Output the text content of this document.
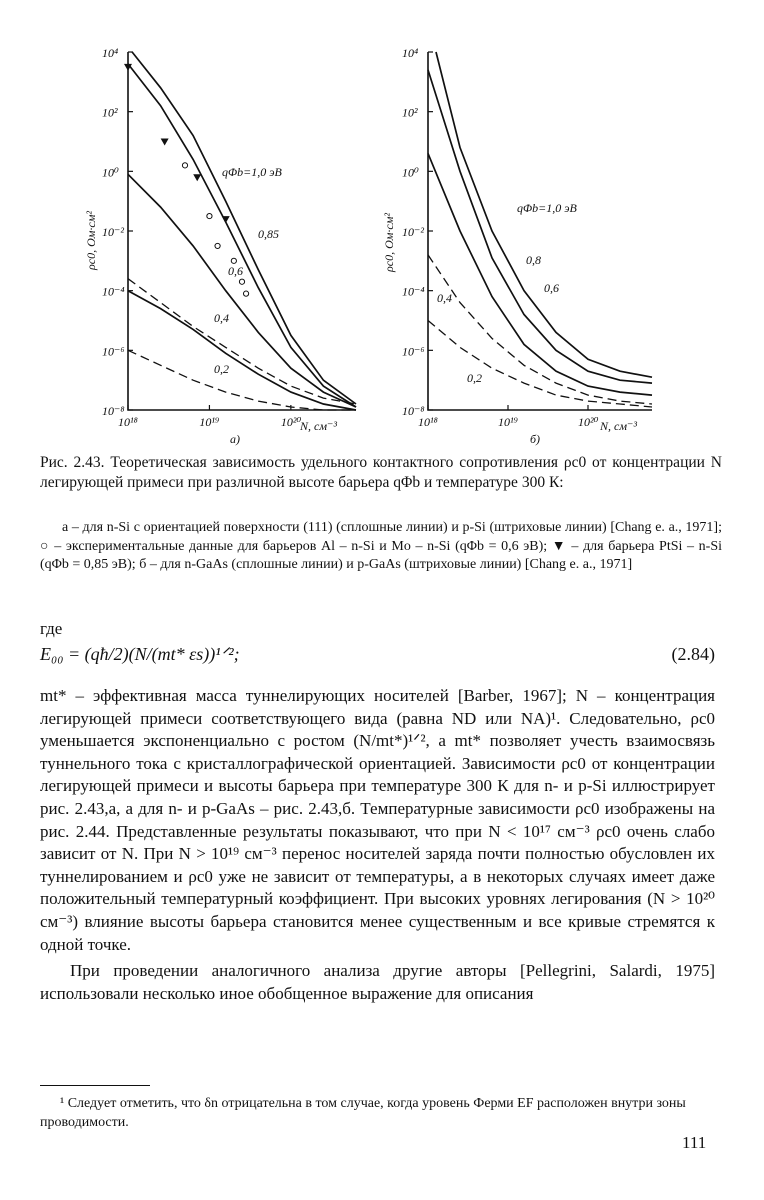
10⁴
10²
10⁰
10⁻²
10⁻⁴
10⁻⁶
10⁻⁸
10¹⁸	10¹⁹	10²⁰
N, см⁻³
а)
ρc0, Ом·см²
qΦb=1,0 эВ
0,85
0,6
0,4
0,2
10⁴
10²
10⁰
10⁻²
10⁻⁴
10⁻⁶
10⁻⁸
10¹⁸	10¹⁹	10²⁰ N, см⁻³
б)
ρc0, Ом·см²
qΦb=1,0 эВ
0,8
0,6
0,4
0,2
Рис. 2.43. Теоретическая зависимость удельного контактного сопротивления ρc0 от концентрации N легирующей примеси при различной высоте барьера qΦb и температуре 300 К:
а – для n-Si с ориентацией поверхности (111) (сплошные линии) и p-Si (штриховые линии) [Chang e. a., 1971]; ○ – экспериментальные данные для барьеров Al – n-Si и Mo – n-Si (qΦb = 0,6 эВ); ▼ – для барьера PtSi – n-Si (qΦb = 0,85 эВ); б – для n-GaAs (сплошные линии) и p-GaAs (штриховые линии) [Chang e. a., 1971]
где
E₀₀ = (qħ/2)(N/(mt* εs))¹ᐟ²;	(2.84)

mt* – эффективная масса туннелирующих носителей [Barber, 1967]; N – концентрация легирующей примеси соответствующего вида (равна ND или NA)¹. Следовательно, ρc0 уменьшается экспоненциально с ростом (N/mt*)¹ᐟ², а mt* позволяет учесть взаимосвязь туннельного тока с кристаллографической ориентацией. Зависимости ρc0 от концентрации легирующей примеси и высоты барьера при температуре 300 К для n- и p-Si иллюстрирует рис. 2.43,а, а для n- и p-GaAs – рис. 2.43,б. Температурные зависимости ρc0 изображены на рис. 2.44. Представленные результаты показывают, что при N < 10¹⁷ см⁻³ ρc0 очень слабо зависит от N. При N > 10¹⁹ см⁻³ перенос носителей заряда почти полностью обусловлен их туннелированием и ρc0 уже не зависит от температуры, а в некоторых случаях имеет даже положительный температурный коэффициент. При высоких уровнях легирования (N > 10²⁰ см⁻³) влияние высоты барьера становится менее существенным и все кривые стремятся к одной точке.

При проведении аналогичного анализа другие авторы [Pellegrini, Salardi, 1975] использовали несколько иное обобщенное выражение для описания

¹ Следует отметить, что δn отрицательна в том случае, когда уровень Ферми EF расположен внутри зоны проводимости.
111
